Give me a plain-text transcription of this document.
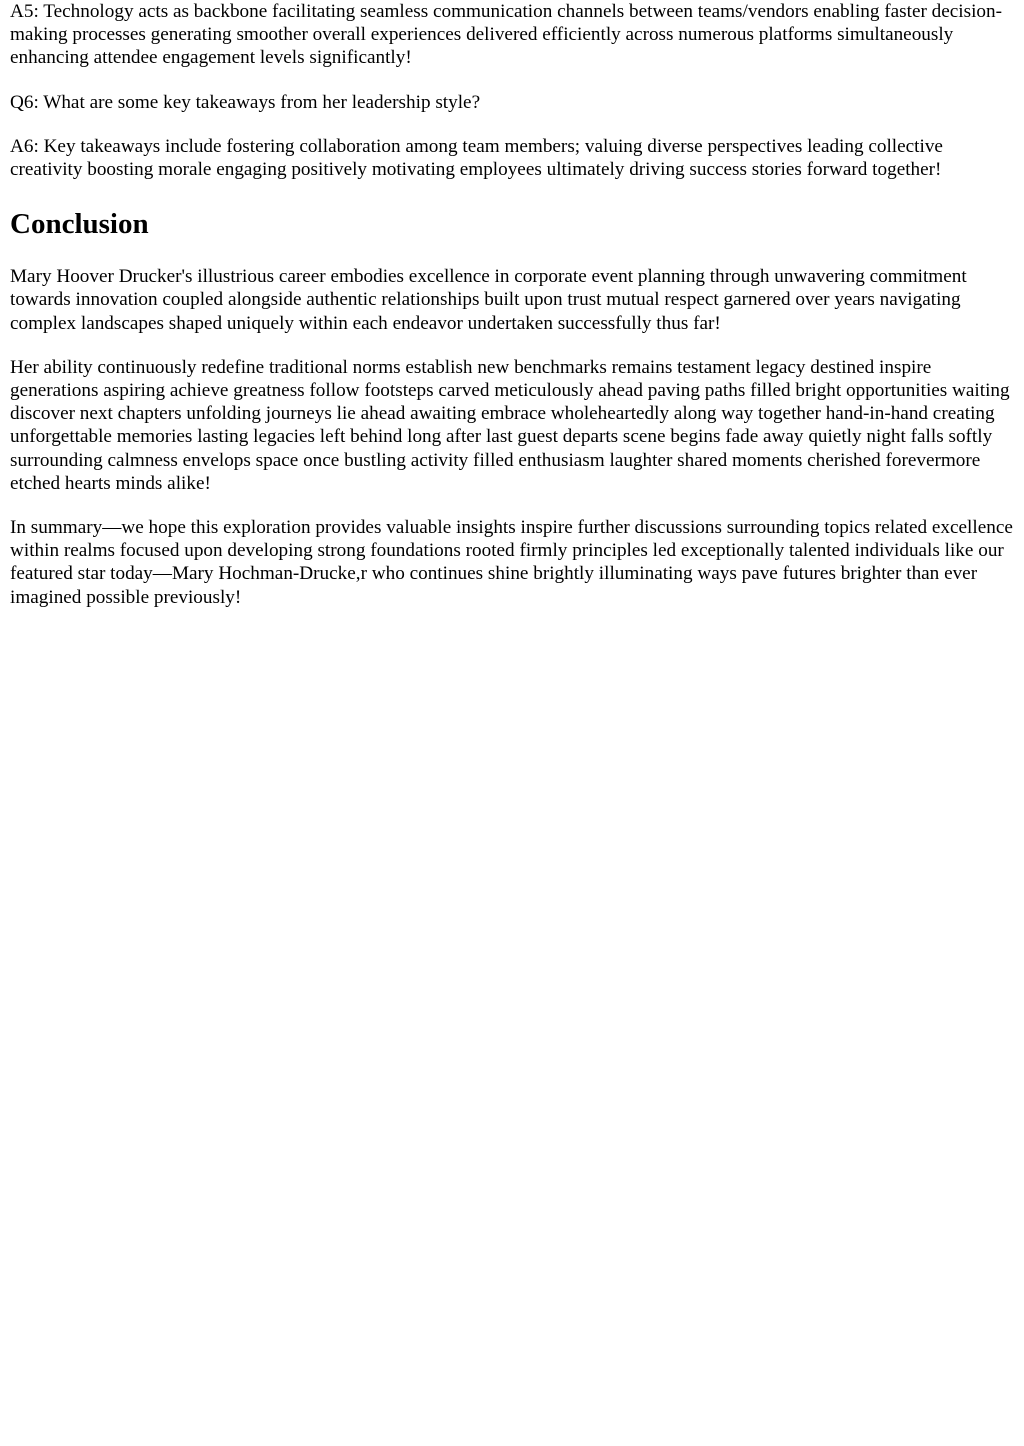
A5: Technology acts as backbone facilitating seamless communication channels between teams/vendors enabling faster decision-making processes generating smoother overall experiences delivered efficiently across numerous platforms simultaneously enhancing attendee engagement levels significantly!

Q6: What are some key takeaways from her leadership style?

A6: Key takeaways include fostering collaboration among team members; valuing diverse perspectives leading collective creativity boosting morale engaging positively motivating employees ultimately driving success stories forward together!

Conclusion

Mary Hoover Drucker's illustrious career embodies excellence in corporate event planning through unwavering commitment towards innovation coupled alongside authentic relationships built upon trust mutual respect garnered over years navigating complex landscapes shaped uniquely within each endeavor undertaken successfully thus far!

Her ability continuously redefine traditional norms establish new benchmarks remains testament legacy destined inspire generations aspiring achieve greatness follow footsteps carved meticulously ahead paving paths filled bright opportunities waiting discover next chapters unfolding journeys lie ahead awaiting embrace wholeheartedly along way together hand-in-hand creating unforgettable memories lasting legacies left behind long after last guest departs scene begins fade away quietly night falls softly surrounding calmness envelops space once bustling activity filled enthusiasm laughter shared moments cherished forevermore etched hearts minds alike!

In summary—we hope this exploration provides valuable insights inspire further discussions surrounding topics related excellence within realms focused upon developing strong foundations rooted firmly principles led exceptionally talented individuals like our featured star today—Mary Hochman-Drucke,r who continues shine brightly illuminating ways pave futures brighter than ever imagined possible previously!
